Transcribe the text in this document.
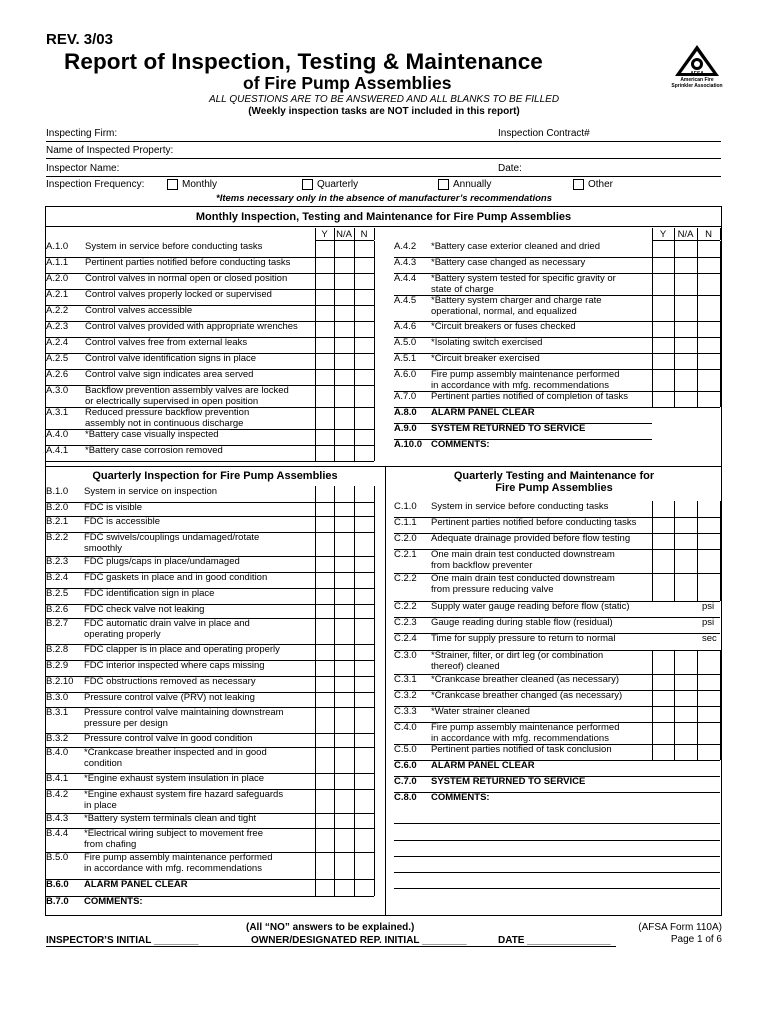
REV. 3/03
Report of Inspection, Testing & Maintenance
of Fire Pump Assemblies
ALL QUESTIONS ARE TO BE ANSWERED AND ALL BLANKS TO BE FILLED
(Weekly inspection tasks are NOT included in this report)
AFSA
American Fire
Sprinkler Association
Inspecting Firm:	Inspection Contract#
Name of Inspected Property:
Inspector Name:	Date:
Inspection Frequency:	Monthly	Quarterly	Annually	Other
*Items necessary only in the absence of manufacturer’s recommendations
Monthly Inspection, Testing and Maintenance for Fire Pump Assemblies
Quarterly Inspection for Fire Pump Assemblies	Quarterly Testing and Maintenance for
Fire Pump Assemblies
(All “NO” answers to be explained.)
INSPECTOR’S INITIAL ________	OWNER/DESIGNATED REP. INITIAL ________	DATE _______________
(AFSA Form 110A)
Page 1 of 6
Y N/A N
A.1.0 System in service before conducting tasks
A.1.1 Pertinent parties notified before conducting tasks
A.2.0 Control valves in normal open or closed position
A.2.1 Control valves properly locked or supervised
A.2.2 Control valves accessible
A.2.3 Control valves provided with appropriate wrenches
A.2.4 Control valves free from external leaks
A.2.5 Control valve identification signs in place
A.2.6 Control valve sign indicates area served
A.3.0 Backflow prevention assembly valves are locked
or electrically supervised in open position
A.3.1 Reduced pressure backflow prevention
assembly not in continuous discharge
A.4.0 *Battery case visually inspected
A.4.1 *Battery case corrosion removed
Y	N/A	N
A.4.2 *Battery case exterior cleaned and dried
A.4.3 *Battery case changed as necessary
A.4.4 *Battery system tested for specific gravity or
state of charge
A.4.5 *Battery system charger and charge rate
operational, normal, and equalized
A.4.6 *Circuit breakers or fuses checked
A.5.0 *Isolating switch exercised
A.5.1 *Circuit breaker exercised
A.6.0 Fire pump assembly maintenance performed
in accordance with mfg. recommendations
A.7.0 Pertinent parties notified of completion of tasks
A.8.0 ALARM PANEL CLEAR
A.9.0 SYSTEM RETURNED TO SERVICE
A.10.0 COMMENTS:
B.1.0 System in service on inspection
B.2.0 FDC is visible
B.2.1 FDC is accessible
B.2.2 FDC swivels/couplings undamaged/rotate
smoothly
B.2.3 FDC plugs/caps in place/undamaged
B.2.4 FDC gaskets in place and in good condition
B.2.5 FDC identification sign in place
B.2.6 FDC check valve not leaking
B.2.7 FDC automatic drain valve in place and
operating properly
B.2.8 FDC clapper is in place and operating properly
B.2.9 FDC interior inspected where caps missing
B.2.10 FDC obstructions removed as necessary
B.3.0 Pressure control valve (PRV) not leaking
B.3.1 Pressure control valve maintaining downstream
pressure per design
B.3.2 Pressure control valve in good condition
B.4.0 *Crankcase breather inspected and in good
condition
B.4.1 *Engine exhaust system insulation in place
B.4.2 *Engine exhaust system fire hazard safeguards
in place
B.4.3 *Battery system terminals clean and tight
B.4.4 *Electrical wiring subject to movement free
from chafing
B.5.0 Fire pump assembly maintenance performed
in accordance with mfg. recommendations
B.6.0 ALARM PANEL CLEAR
B.7.0 COMMENTS:
C.1.0 System in service before conducting tasks
C.1.1 Pertinent parties notified before conducting tasks
C.2.0 Adequate drainage provided before flow testing
C.2.1 One main drain test conducted downstream
from backflow preventer
C.2.2 One main drain test conducted downstream
from pressure reducing valve
C.2.2 Supply water gauge reading before flow (static)	psi
C.2.3 Gauge reading during stable flow (residual)	psi
C.2.4 Time for supply pressure to return to normal	sec
C.3.0 *Strainer, filter, or dirt leg (or combination
thereof) cleaned
C.3.1 *Crankcase breather cleaned (as necessary)
C.3.2 *Crankcase breather changed (as necessary)
C.3.3 *Water strainer cleaned
C.4.0 Fire pump assembly maintenance performed
in accordance with mfg. recommendations
C.5.0 Pertinent parties notified of task conclusion
C.6.0 ALARM PANEL CLEAR
C.7.0 SYSTEM RETURNED TO SERVICE
C.8.0 COMMENTS:
